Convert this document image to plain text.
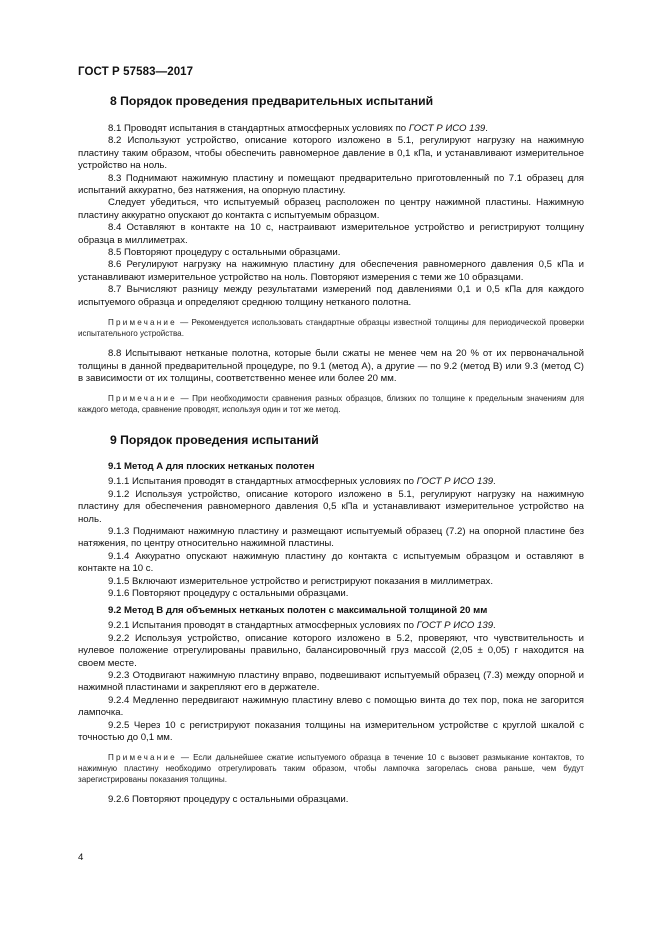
ГОСТ Р 57583—2017
8 Порядок проведения предварительных испытаний

8.1 Проводят испытания в стандартных атмосферных условиях по ГОСТ Р ИСО 139.

8.2 Используют устройство, описание которого изложено в 5.1, регулируют нагрузку на нажимную пластину таким образом, чтобы обеспечить равномерное давление в 0,1 кПа, и устанавливают измерительное устройство на ноль.

8.3 Поднимают нажимную пластину и помещают предварительно приготовленный по 7.1 образец для испытаний аккуратно, без натяжения, на опорную пластину.

Следует убедиться, что испытуемый образец расположен по центру нажимной пластины. Нажимную пластину аккуратно опускают до контакта с испытуемым образцом.

8.4 Оставляют в контакте на 10 с, настраивают измерительное устройство и регистрируют толщину образца в миллиметрах.

8.5 Повторяют процедуру с остальными образцами.

8.6 Регулируют нагрузку на нажимную пластину для обеспечения равномерного давления 0,5 кПа и устанавливают измерительное устройство на ноль. Повторяют измерения с теми же 10 образцами.

8.7 Вычисляют разницу между результатами измерений под давлениями 0,1 и 0,5 кПа для каждого испытуемого образца и определяют среднюю толщину нетканого полотна.

Примечание — Рекомендуется использовать стандартные образцы известной толщины для периодической проверки испытательного устройства.

8.8 Испытывают нетканые полотна, которые были сжаты не менее чем на 20 % от их первоначальной толщины в данной предварительной процедуре, по 9.1 (метод А), а другие — по 9.2 (метод В) или 9.3 (метод С) в зависимости от их толщины, соответственно менее или более 20 мм.

Примечание — При необходимости сравнения разных образцов, близких по толщине к предельным значениям для каждого метода, сравнение проводят, используя один и тот же метод.
9 Порядок проведения испытаний
9.1 Метод А для плоских нетканых полотен

9.1.1 Испытания проводят в стандартных атмосферных условиях по ГОСТ Р ИСО 139.

9.1.2 Используя устройство, описание которого изложено в 5.1, регулируют нагрузку на нажимную пластину для обеспечения равномерного давления 0,5 кПа и устанавливают измерительное устройство на ноль.

9.1.3 Поднимают нажимную пластину и размещают испытуемый образец (7.2) на опорной пластине без натяжения, по центру относительно нажимной пластины.

9.1.4 Аккуратно опускают нажимную пластину до контакта с испытуемым образцом и оставляют в контакте на 10 с.

9.1.5 Включают измерительное устройство и регистрируют показания в миллиметрах.

9.1.6 Повторяют процедуру с остальными образцами.

9.2 Метод В для объемных нетканых полотен с максимальной толщиной 20 мм

9.2.1 Испытания проводят в стандартных атмосферных условиях по ГОСТ Р ИСО 139.

9.2.2 Используя устройство, описание которого изложено в 5.2, проверяют, что чувствительность и нулевое положение отрегулированы правильно, балансировочный груз массой (2,05 ± 0,05) г находится на своем месте.

9.2.3 Отодвигают нажимную пластину вправо, подвешивают испытуемый образец (7.3) между опорной и нажимной пластинами и закрепляют его в держателе.

9.2.4 Медленно передвигают нажимную пластину влево с помощью винта до тех пор, пока не загорится лампочка.

9.2.5 Через 10 с регистрируют показания толщины на измерительном устройстве с круглой шкалой с точностью до 0,1 мм.

Примечание — Если дальнейшее сжатие испытуемого образца в течение 10 с вызовет размыкание контактов, то нажимную пластину необходимо отрегулировать таким образом, чтобы лампочка загорелась снова раньше, чем будут зарегистрированы показания толщины.

9.2.6 Повторяют процедуру с остальными образцами.

4
